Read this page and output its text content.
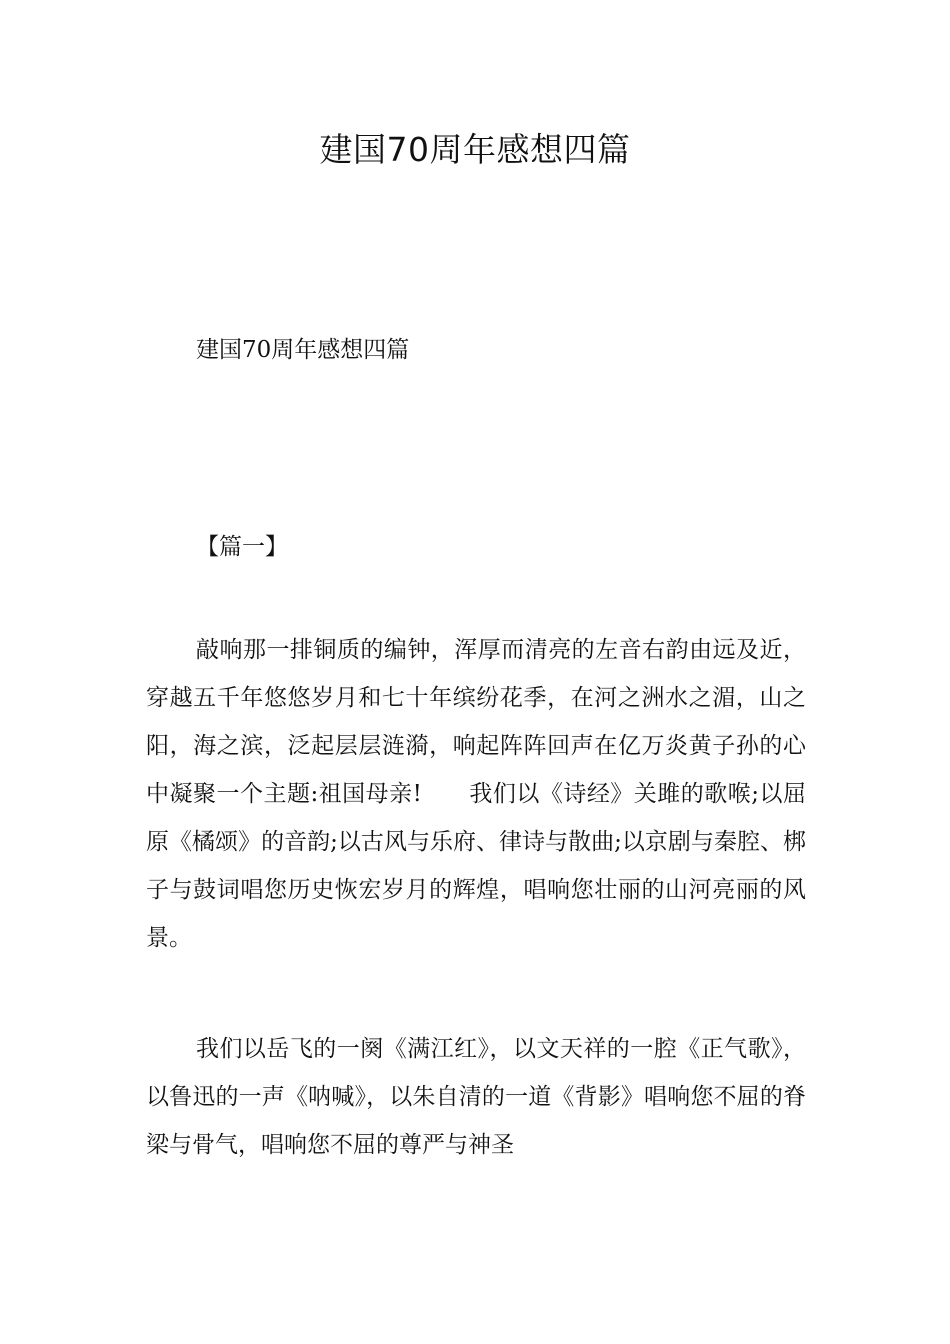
建国70周年感想四篇

建国70周年感想四篇

【篇一】

敲响那一排铜质的编钟，浑厚而清亮的左音右韵由远及近，穿越五千年悠悠岁月和七十年缤纷花季，在河之洲水之湄，山之阳，海之滨，泛起层层涟漪，响起阵阵回声在亿万炎黄子孙的心中凝聚一个主题:祖国母亲!　　我们以《诗经》关雎的歌喉;以屈原《橘颂》的音韵;以古风与乐府、律诗与散曲;以京剧与秦腔、梆子与鼓词唱您历史恢宏岁月的辉煌，唱响您壮丽的山河亮丽的风景。

我们以岳飞的一阕《满江红》，以文天祥的一腔《正气歌》，以鲁迅的一声《呐喊》，以朱自清的一道《背影》唱响您不屈的脊梁与骨气，唱响您不屈的尊严与神圣
